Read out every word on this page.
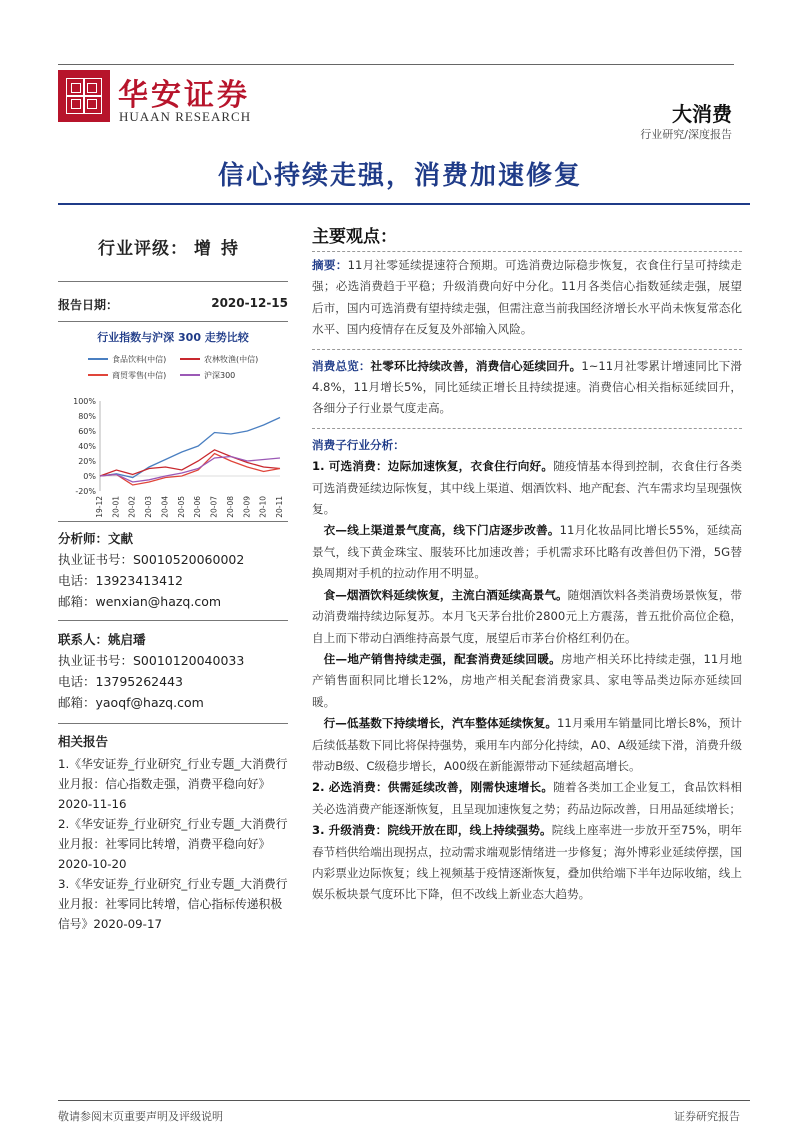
华安证券
HUAAN RESEARCH	大消费
行业研究/深度报告
信心持续走强，消费加速修复
行业评级： 增持
报告日期：	2020-12-15
行业指数与沪深 300 走势比较
食品饮料(中信)	农林牧渔(中信)
商贸零售(中信)	沪深300
100%
80%
60%
40%
20%
0%
-20%
19-12 20-01 20-02 20-03 20-04 20-05 20-06 20-07 20-08 20-09 20-10 20-11
分析师：文献
执业证书号：S0010520060002
电话：13923413412
邮箱：wenxian@hazq.com
联系人：姚启璠
执业证书号：S0010120040033
电话：13795262443
邮箱：yaoqf@hazq.com
相关报告
1.《华安证券_行业研究_行业专题_大消费行业月报：信心指数走强，消费平稳向好》2020-11-16
2.《华安证券_行业研究_行业专题_大消费行业月报：社零同比转增，消费平稳向好》2020-10-20
3.《华安证券_行业研究_行业专题_大消费行业月报：社零同比转增，信心指标传递积极信号》2020-09-17
主要观点：
摘要：11月社零延续提速符合预期。可选消费边际稳步恢复，衣食住行呈可持续走强；必选消费趋于平稳；升级消费向好中分化。11月各类信心指数延续走强，展望后市，国内可选消费有望持续走强，但需注意当前我国经济增长水平尚未恢复常态化水平、国内疫情存在反复及外部输入风险。
消费总览：社零环比持续改善，消费信心延续回升。1~11月社零累计增速同比下滑4.8%，11月增长5%，同比延续正增长且持续提速。消费信心相关指标延续回升，各细分子行业景气度走高。
消费子行业分析：
1. 可选消费：边际加速恢复，衣食住行向好。随疫情基本得到控制，衣食住行各类可选消费延续边际恢复，其中线上渠道、烟酒饮料、地产配套、汽车需求均呈现强恢复。
衣—线上渠道景气度高，线下门店逐步改善。11月化妆品同比增长55%，延续高景气，线下黄金珠宝、服装环比加速改善；手机需求环比略有改善但仍下滑，5G替换周期对手机的拉动作用不明显。
食—烟酒饮料延续恢复，主流白酒延续高景气。随烟酒饮料各类消费场景恢复，带动消费端持续边际复苏。本月飞天茅台批价2800元上方震荡，普五批价高位企稳，自上而下带动白酒维持高景气度，展望后市茅台价格红利仍在。
住—地产销售持续走强，配套消费延续回暖。房地产相关环比持续走强，11月地产销售面积同比增长12%，房地产相关配套消费家具、家电等品类边际亦延续回暖。
行—低基数下持续增长，汽车整体延续恢复。11月乘用车销量同比增长8%，预计后续低基数下同比将保持强势，乘用车内部分化持续，A0、A级延续下滑，消费升级带动B级、C级稳步增长，A00级在新能源带动下延续超高增长。
2. 必选消费：供需延续改善，刚需快速增长。随着各类加工企业复工，食品饮料相关必选消费产能逐渐恢复，且呈现加速恢复之势；药品边际改善，日用品延续增长；
3. 升级消费：院线开放在即，线上持续强势。院线上座率进一步放开至75%，明年春节档供给端出现拐点，拉动需求端观影情绪进一步修复；海外博彩业延续停摆，国内彩票业边际恢复；线上视频基于疫情逐渐恢复，叠加供给端下半年边际收缩，线上娱乐板块景气度环比下降，但不改线上新业态大趋势。
敬请参阅末页重要声明及评级说明	证券研究报告
